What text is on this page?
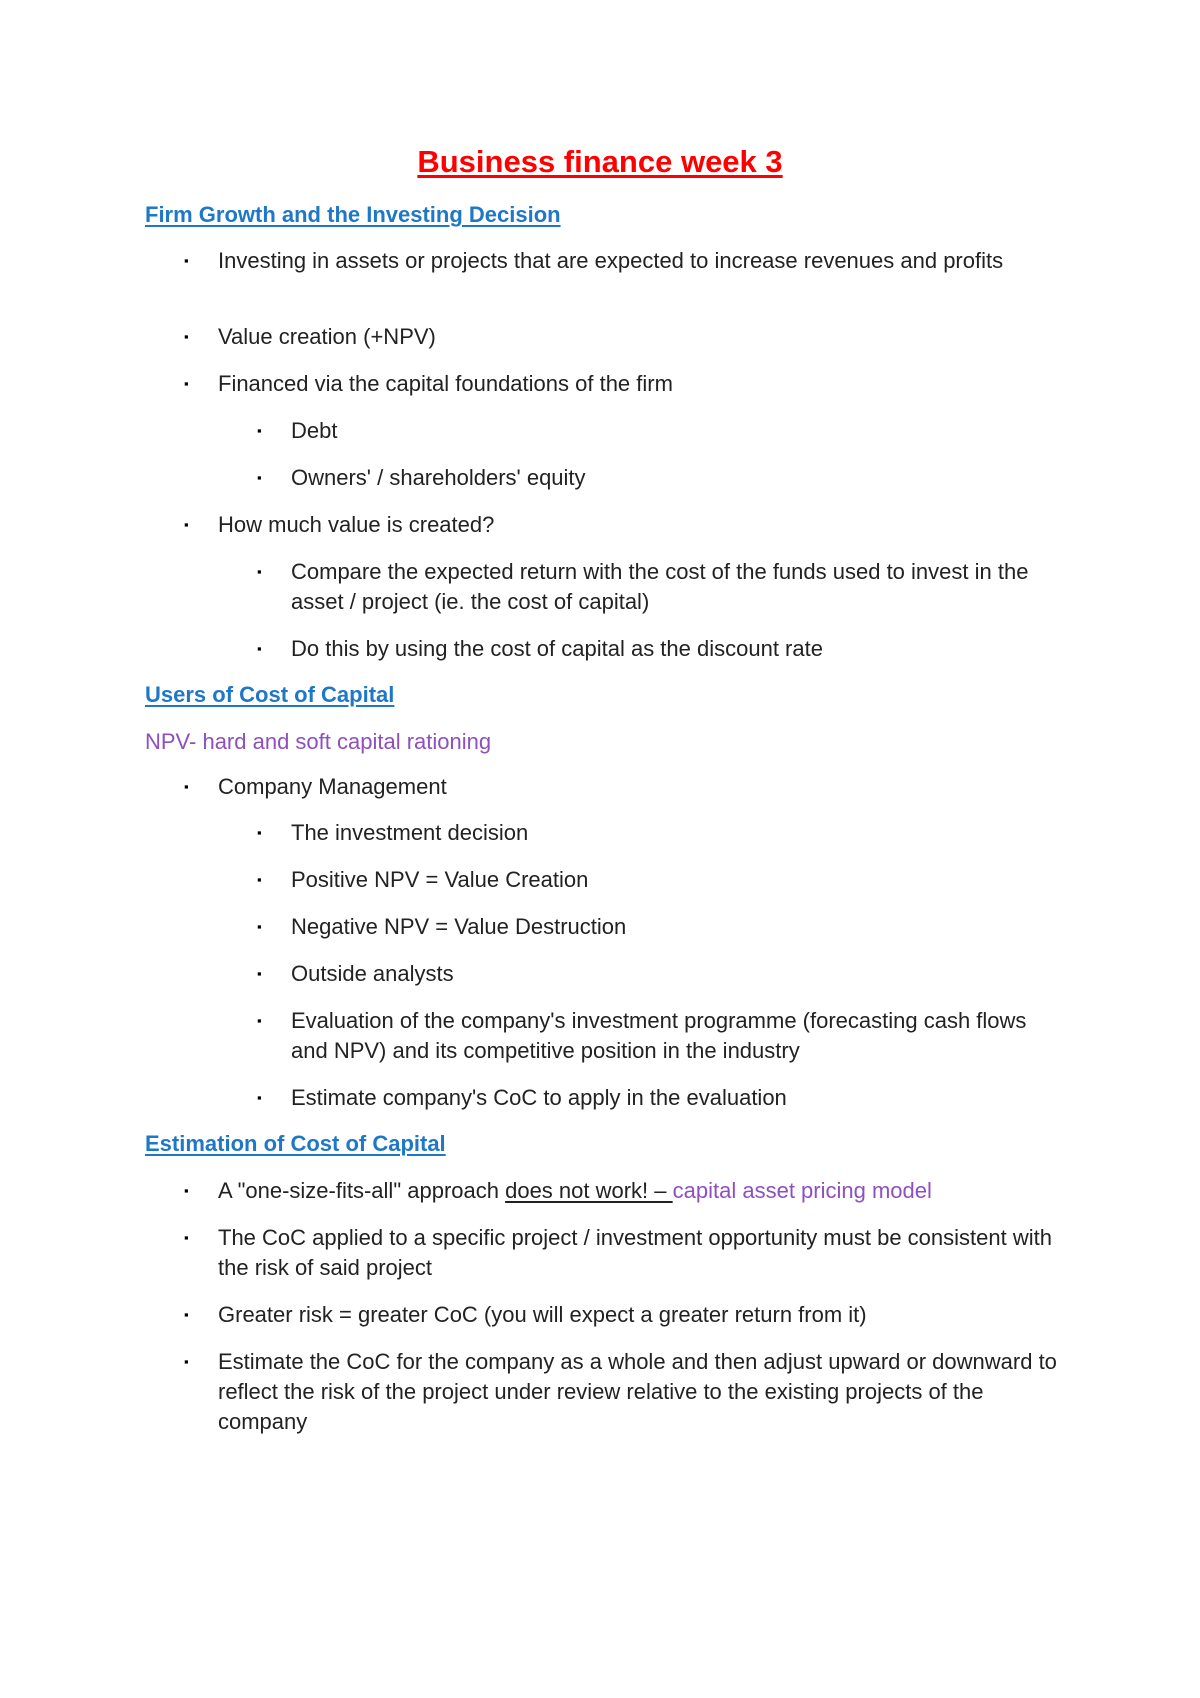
Business finance week 3
Firm Growth and the Investing Decision
▪ Investing in assets or projects that are expected to increase revenues and profits
▪ Value creation (+NPV)
▪ Financed via the capital foundations of the firm
▪ Debt
▪ Owners' / shareholders' equity
▪ How much value is created?
▪ Compare the expected return with the cost of the funds used to invest in the asset / project (ie. the cost of capital)
▪ Do this by using the cost of capital as the discount rate
Users of Cost of Capital
NPV- hard and soft capital rationing
▪ Company Management
▪ The investment decision
▪ Positive NPV = Value Creation
▪ Negative NPV = Value Destruction
▪ Outside analysts
▪ Evaluation of the company's investment programme (forecasting cash flows and NPV) and its competitive position in the industry
▪ Estimate company's CoC to apply in the evaluation
Estimation of Cost of Capital
▪ A "one-size-fits-all" approach does not work! – capital asset pricing model
▪ The CoC applied to a specific project / investment opportunity must be consistent with the risk of said project
▪ Greater risk = greater CoC (you will expect a greater return from it)
▪ Estimate the CoC for the company as a whole and then adjust upward or downward to reflect the risk of the project under review relative to the existing projects of the company
